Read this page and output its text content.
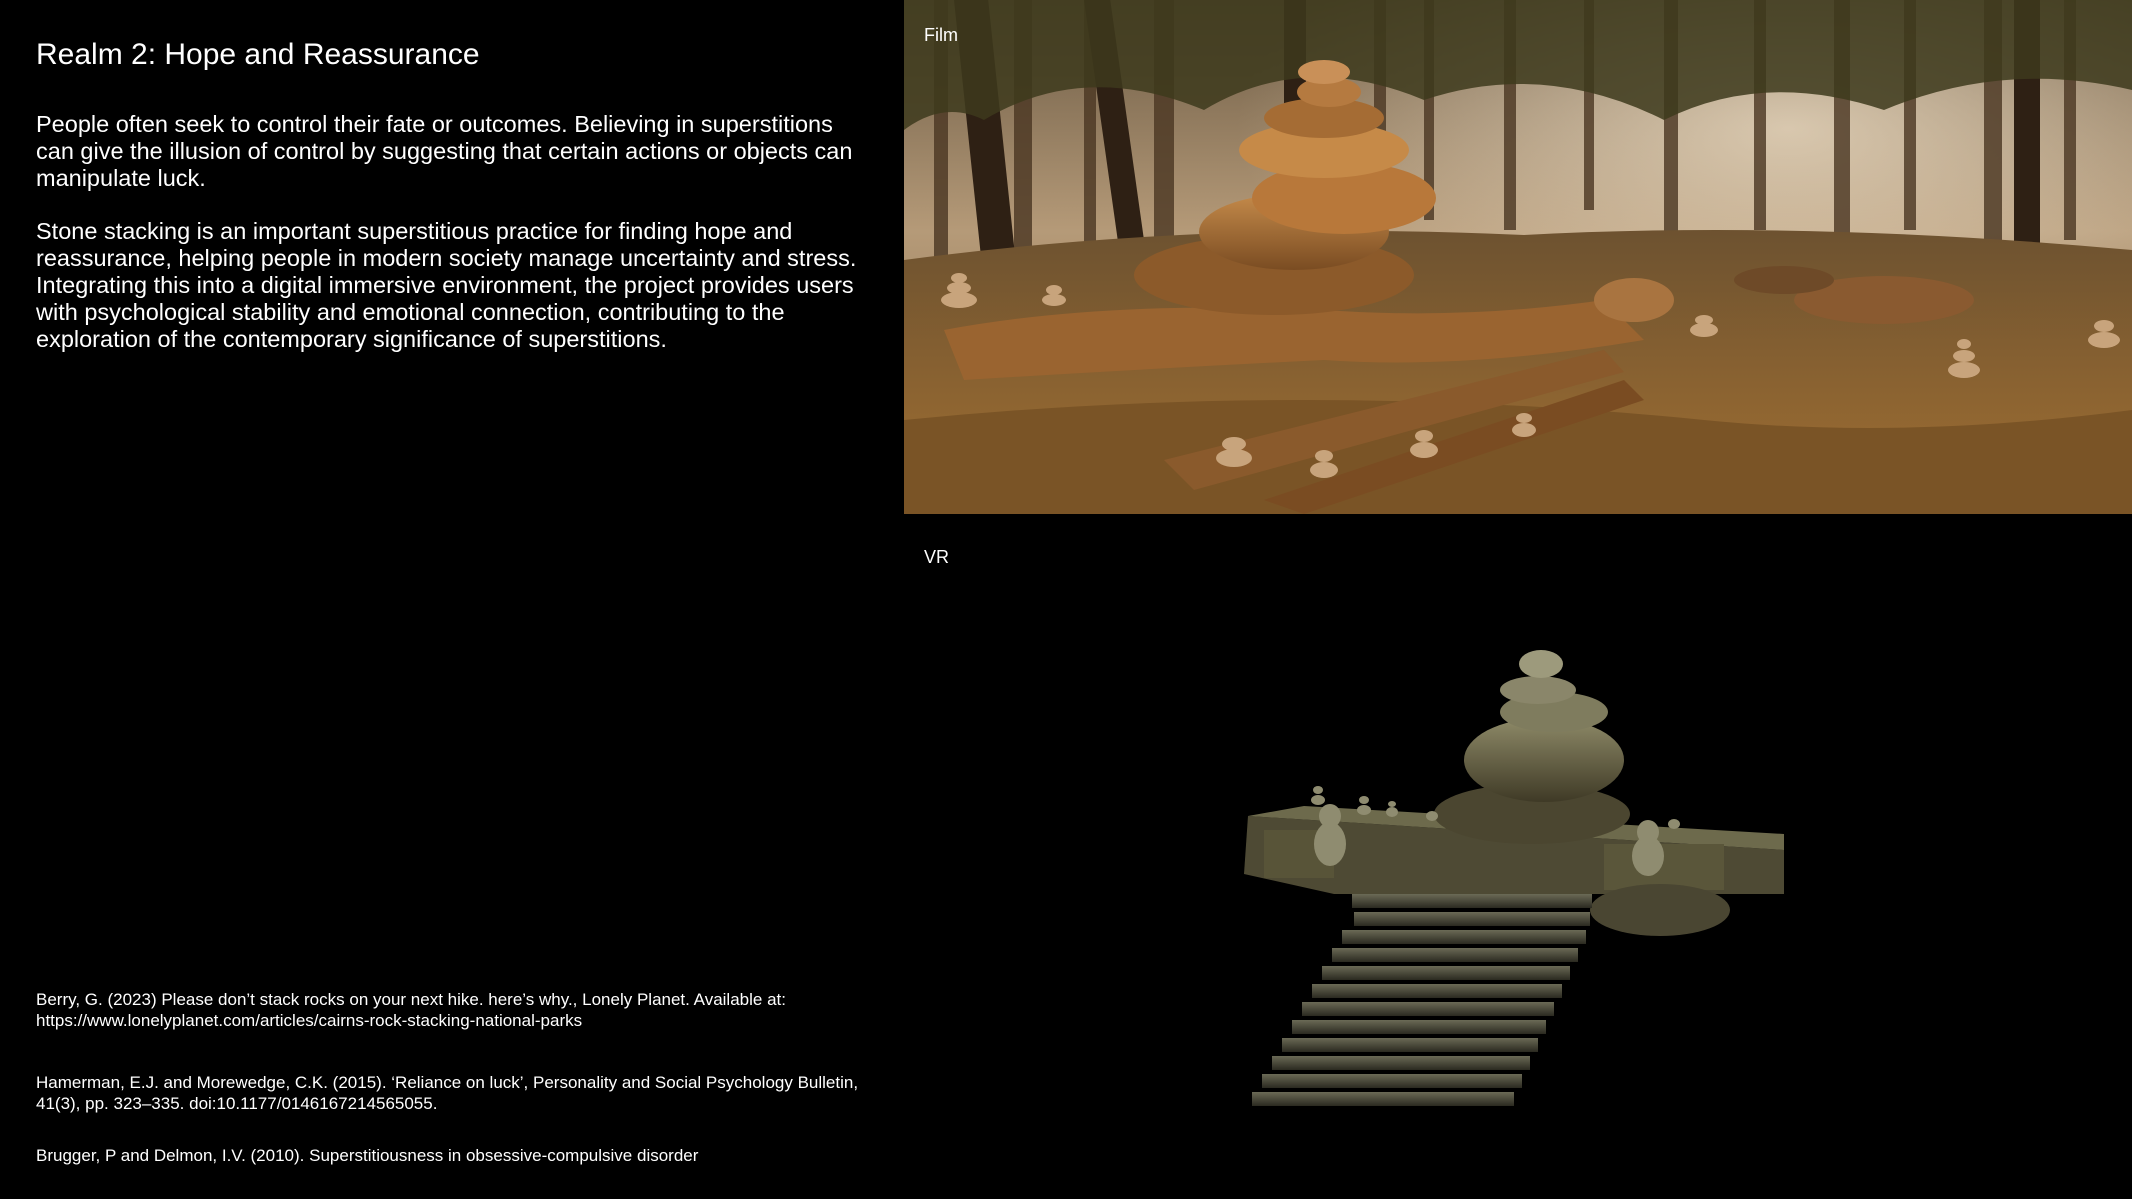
Realm 2: Hope and Reassurance

People often seek to control their fate or outcomes. Believing in superstitions can give the illusion of control by suggesting that certain actions or objects can manipulate luck.

Stone stacking is an important superstitious practice for finding hope and reassurance, helping people in modern society manage uncertainty and stress. Integrating this into a digital immersive environment, the project provides users with psychological stability and emotional connection, contributing to the exploration of the contemporary significance of superstitions.

Berry, G. (2023) Please don’t stack rocks on your next hike. here’s why., Lonely Planet. Available at: https://www.lonelyplanet.com/articles/cairns-rock-stacking-national-parks

Hamerman, E.J. and Morewedge, C.K. (2015). ‘Reliance on luck’, Personality and Social Psychology Bulletin, 41(3), pp. 323–335. doi:10.1177/0146167214565055.

Brugger, P and Delmon, I.V. (2010). Superstitiousness in obsessive-compulsive disorder

Film
VR
